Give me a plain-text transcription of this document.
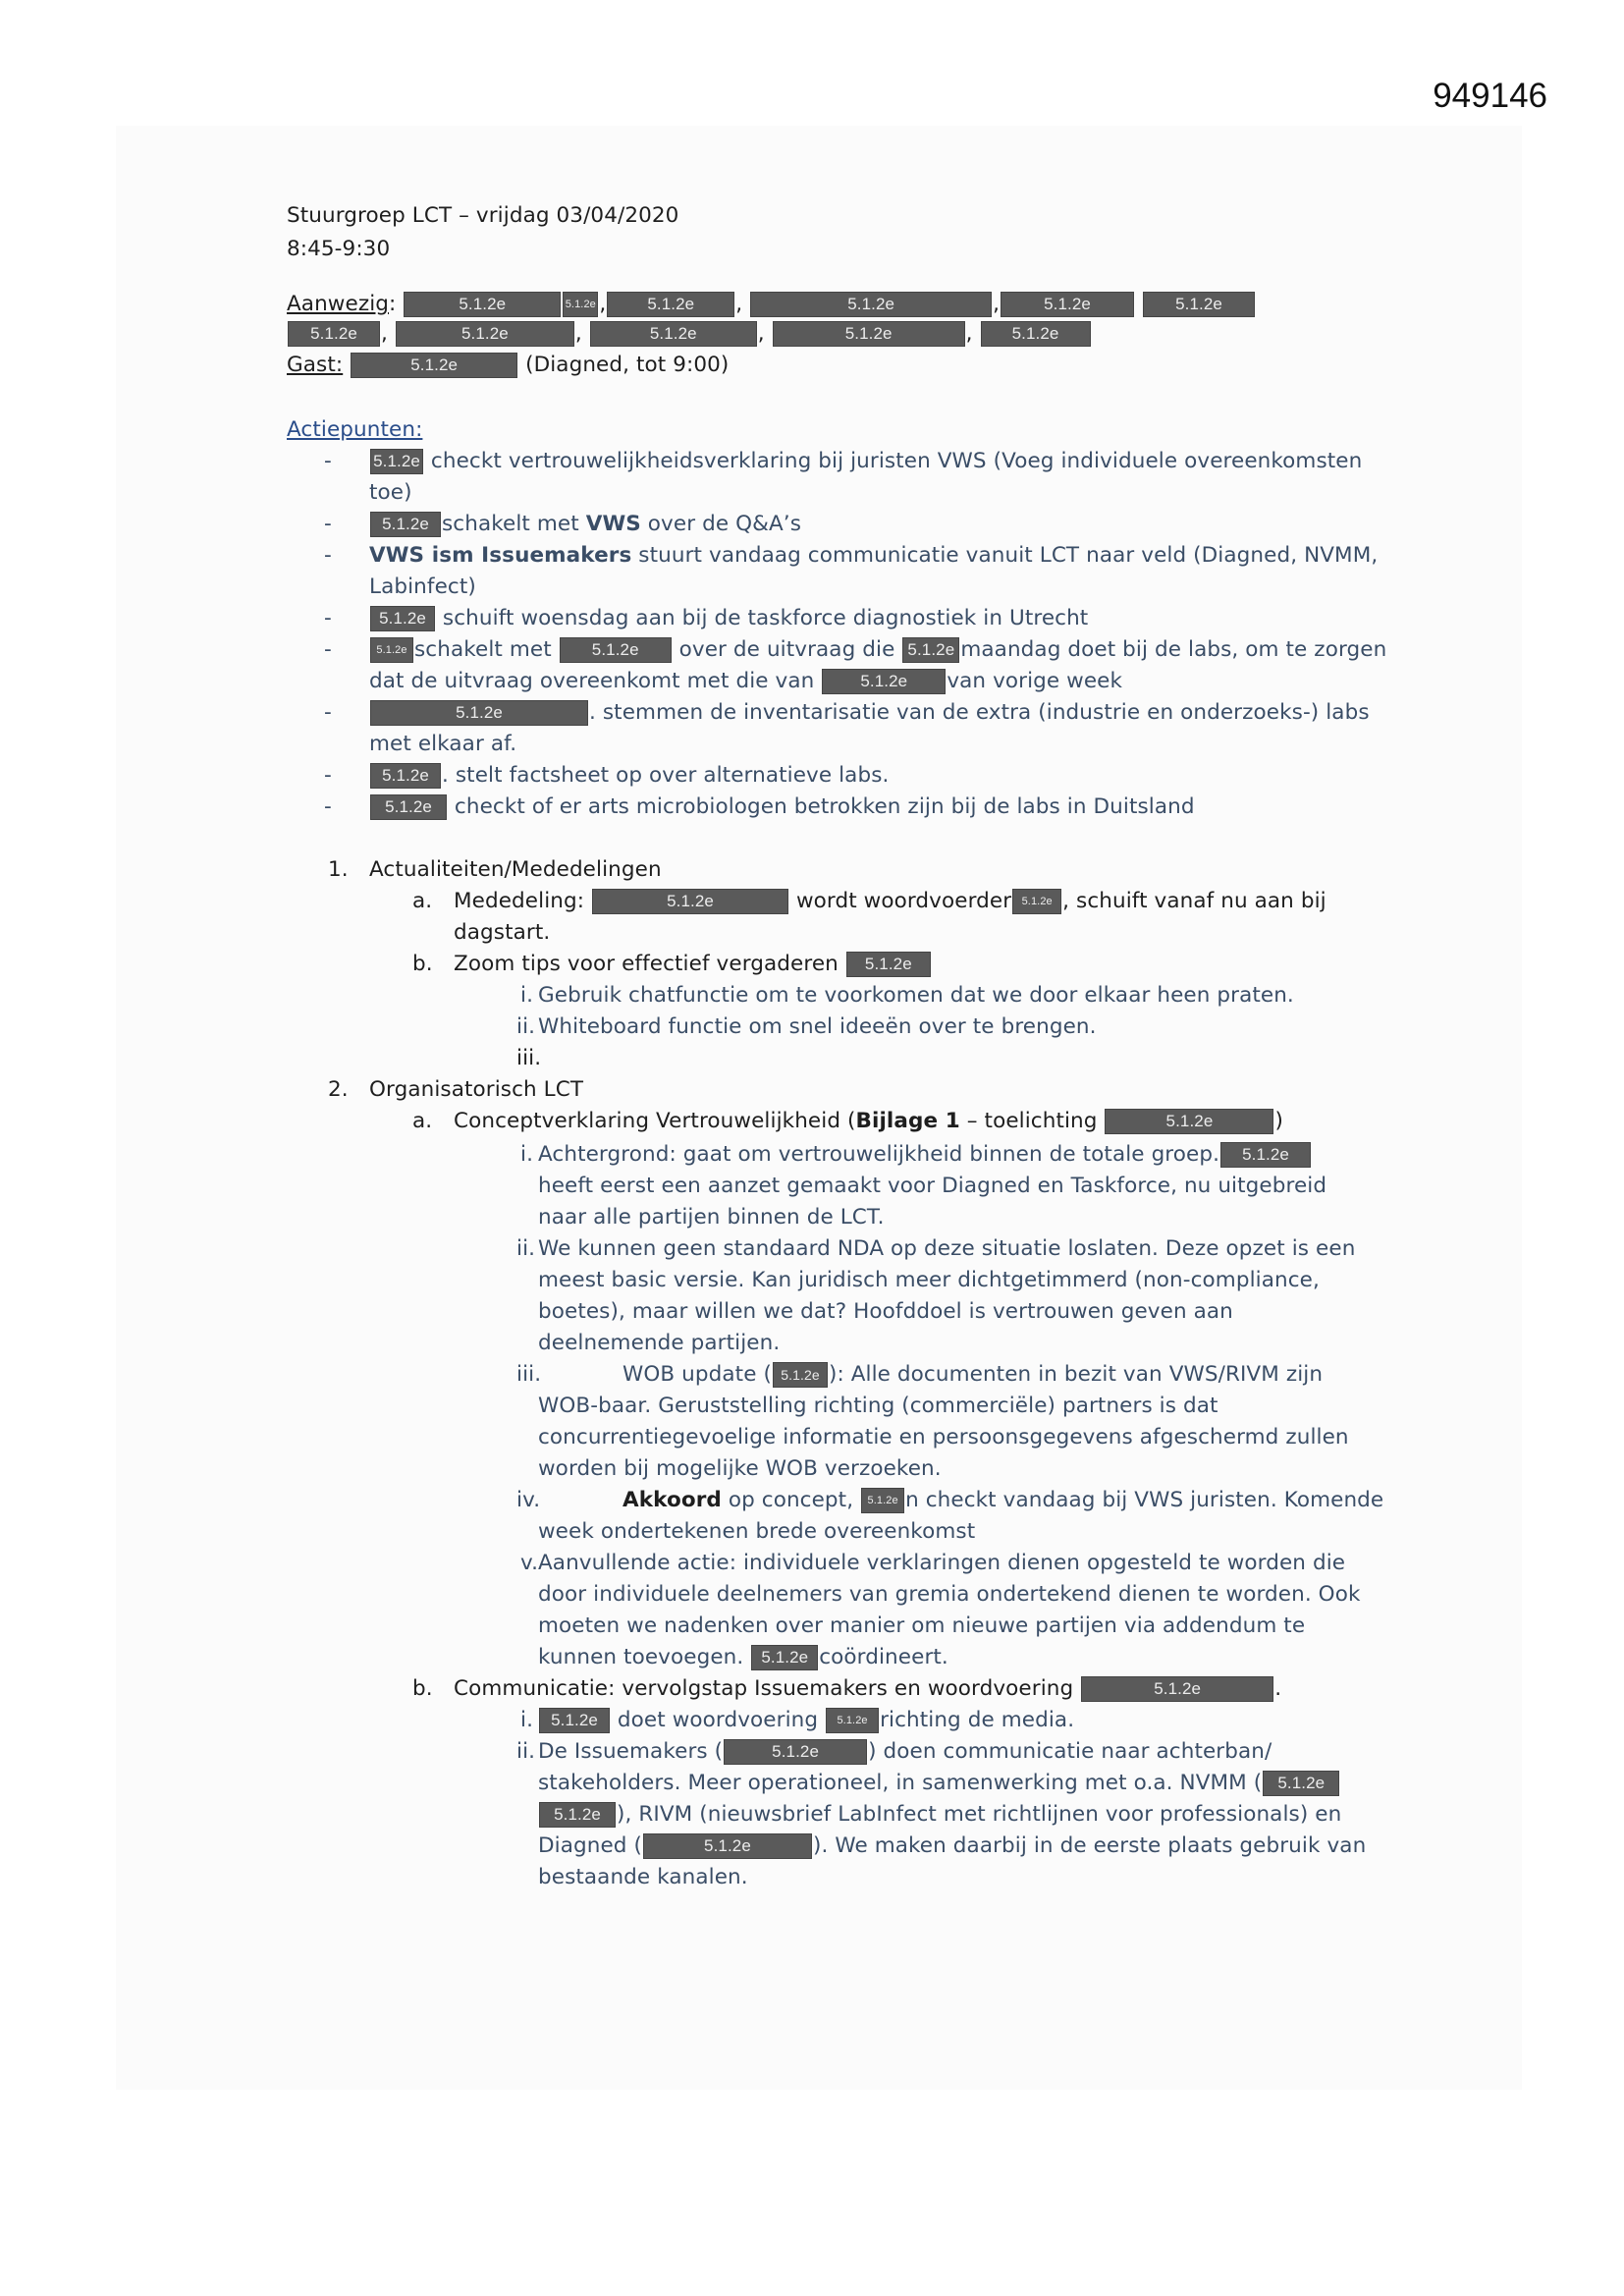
949146
Stuurgroep LCT – vrijdag 03/04/2020
8:45-9:30
Aanwezig:	5.1.2e	5.1.2e , 5.1.2e ,	5.1.2e	,	5.1.2e	5.1.2e
5.1.2e ,	5.1.2e	,	5.1.2e	,	5.1.2e	, 5.1.2e
Gast:	5.1.2e	(Diagned, tot 9:00)
Actiepunten:
- 5.1.2e checkt vertrouwelijkheidsverklaring bij juristen VWS (Voeg individuele overeenkomsten
toe)
-	5.1.2e schakelt met VWS over de Q&A’s
- VWS ism Issuemakers stuurt vandaag communicatie vanuit LCT naar veld (Diagned, NVMM,
Labinfect)
-	5.1.2e schuift woensdag aan bij de taskforce diagnostiek in Utrecht
-	5.1.2e schakelt met 5.1.2e over de uitvraag die 5.1.2e maandag doet bij de labs, om te zorgen
dat de uitvraag overeenkomt met die van 5.1.2e van vorige week
-	5.1.2e	. stemmen de inventarisatie van de extra (industrie en onderzoeks-) labs
met elkaar af.
-	5.1.2e . stelt factsheet op over alternatieve labs.
-	5.1.2e checkt of er arts microbiologen betrokken zijn bij de labs in Duitsland
1. Actualiteiten/Mededelingen
a. Mededeling:	5.1.2e	wordt woordvoerder 5.1.2e , schuift vanaf nu aan bij
dagstart.
b. Zoom tips voor effectief vergaderen 5.1.2e
i. Gebruik chatfunctie om te voorkomen dat we door elkaar heen praten.
ii. Whiteboard functie om snel ideeën over te brengen.
iii.
2. Organisatorisch LCT
a. Conceptverklaring Vertrouwelijkheid (Bijlage 1 – toelichting	5.1.2e	)
i. Achtergrond: gaat om vertrouwelijkheid binnen de totale groep. 5.1.2e
heeft eerst een aanzet gemaakt voor Diagned en Taskforce, nu uitgebreid
naar alle partijen binnen de LCT.
ii. We kunnen geen standaard NDA op deze situatie loslaten. Deze opzet is een
meest basic versie. Kan juridisch meer dichtgetimmerd (non-compliance,
boetes), maar willen we dat? Hoofddoel is vertrouwen geven aan
deelnemende partijen.
iii.	WOB update ( 5.1.2e ): Alle documenten in bezit van VWS/RIVM zijn
WOB-baar. Geruststelling richting (commerciële) partners is dat
concurrentiegevoelige informatie en persoonsgegevens afgeschermd zullen
worden bij mogelijke WOB verzoeken.
iv.	Akkoord op concept, 5.1.2e n checkt vandaag bij VWS juristen. Komende
week ondertekenen brede overeenkomst
v. Aanvullende actie: individuele verklaringen dienen opgesteld te worden die
door individuele deelnemers van gremia ondertekend dienen te worden. Ook
moeten we nadenken over manier om nieuwe partijen via addendum te
kunnen toevoegen. 5.1.2e coördineert.
b. Communicatie: vervolgstap Issuemakers en woordvoering	5.1.2e	.
i.	5.1.2e doet woordvoering 5.1.2e richting de media.
ii. De Issuemakers (	5.1.2e ) doen communicatie naar achterban/
stakeholders. Meer operationeel, in samenwerking met o.a. NVMM ( 5.1.2e
5.1.2e ), RIVM (nieuwsbrief LabInfect met richtlijnen voor professionals) en
Diagned (	5.1.2e	). We maken daarbij in de eerste plaats gebruik van
bestaande kanalen.
